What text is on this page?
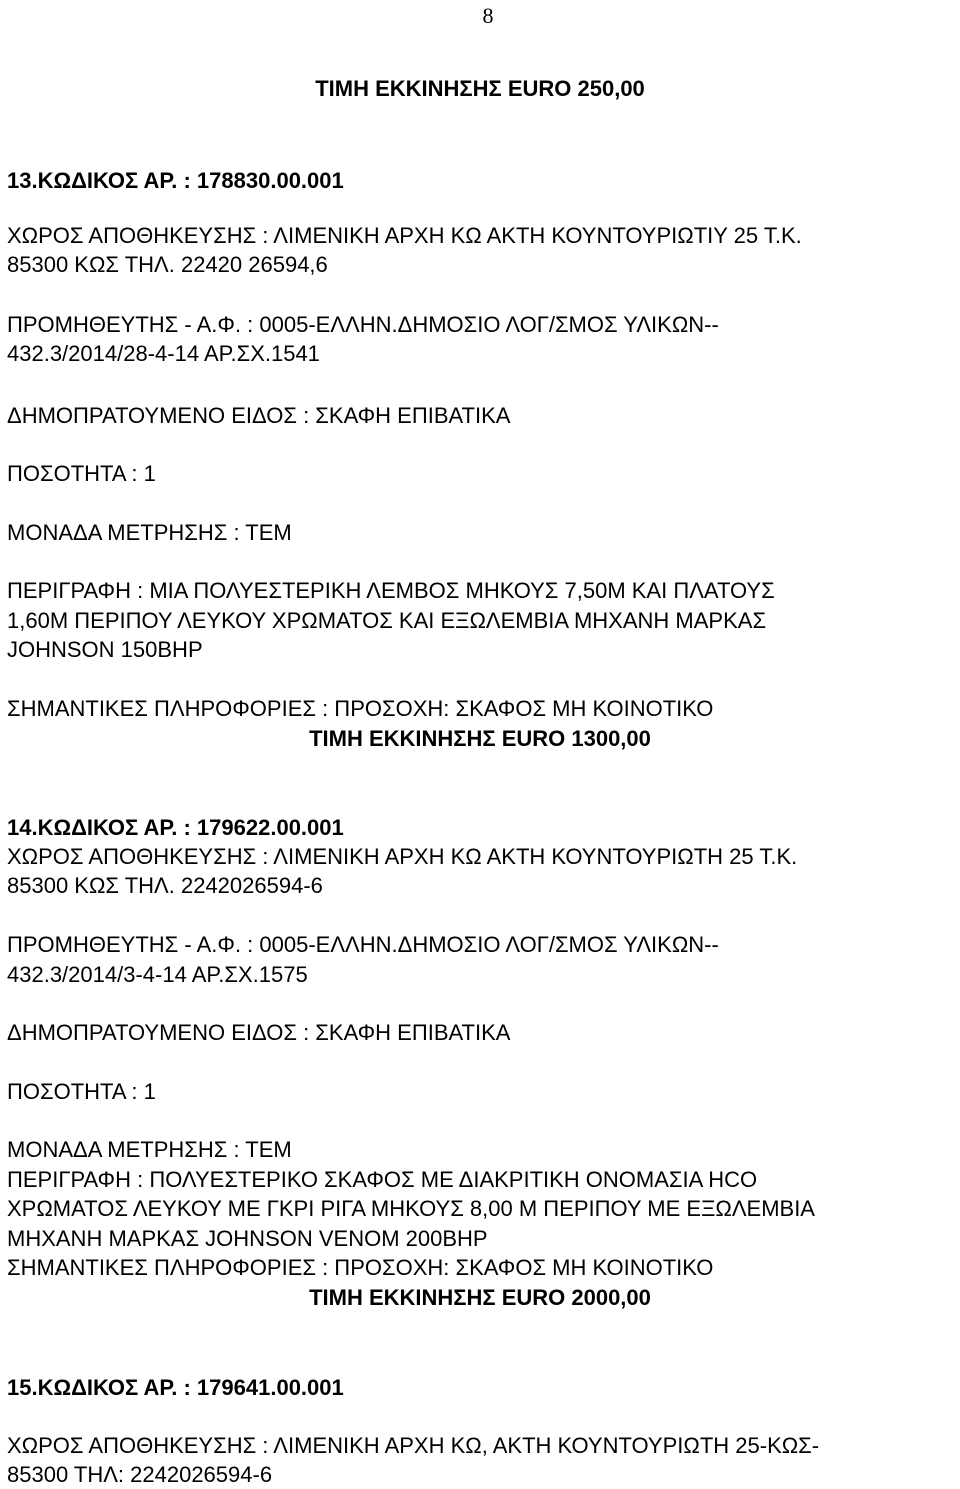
8
ΤΙΜΗ ΕΚΚΙΝΗΣΗΣ EURO 250,00
13.ΚΩΔΙΚΟΣ ΑΡ. : 178830.00.001
ΧΩΡΟΣ ΑΠΟΘΗΚΕΥΣΗΣ : ΛΙΜΕΝΙΚΗ ΑΡΧΗ ΚΩ ΑΚΤΗ ΚΟΥΝΤΟΥΡΙΩΤΙΥ 25 Τ.Κ.
85300 ΚΩΣ ΤΗΛ. 22420 26594,6
ΠΡΟΜΗΘΕΥΤΗΣ - Α.Φ. : 0005-ΕΛΛΗΝ.ΔΗΜΟΣΙΟ ΛΟΓ/ΣΜΟΣ ΥΛΙΚΩΝ--
432.3/2014/28-4-14 ΑΡ.ΣΧ.1541
ΔΗΜΟΠΡΑΤΟΥΜΕΝΟ ΕΙΔΟΣ : ΣΚΑΦΗ ΕΠΙΒΑΤΙΚΑ
ΠΟΣΟΤΗΤΑ : 1
ΜΟΝΑΔΑ ΜΕΤΡΗΣΗΣ : ΤΕΜ
ΠΕΡΙΓΡΑΦΗ : ΜΙΑ ΠΟΛΥΕΣΤΕΡΙΚΗ ΛΕΜΒΟΣ ΜΗΚΟΥΣ 7,50Μ ΚΑΙ ΠΛΑΤΟΥΣ
1,60Μ ΠΕΡΙΠΟΥ ΛΕΥΚΟΥ ΧΡΩΜΑΤΟΣ ΚΑΙ ΕΞΩΛΕΜΒΙΑ ΜΗΧΑΝΗ ΜΑΡΚΑΣ
JOHNSON 150BHP
ΣΗΜΑΝΤΙΚΕΣ ΠΛΗΡΟΦΟΡΙΕΣ : ΠΡΟΣΟΧΗ: ΣΚΑΦΟΣ ΜΗ ΚΟΙΝΟΤΙΚΟ
ΤΙΜΗ ΕΚΚΙΝΗΣΗΣ EURO 1300,00
14.ΚΩΔΙΚΟΣ ΑΡ. : 179622.00.001
ΧΩΡΟΣ ΑΠΟΘΗΚΕΥΣΗΣ : ΛΙΜΕΝΙΚΗ ΑΡΧΗ ΚΩ ΑΚΤΗ ΚΟΥΝΤΟΥΡΙΩΤΗ 25 Τ.Κ.
85300 ΚΩΣ ΤΗΛ. 2242026594-6
ΠΡΟΜΗΘΕΥΤΗΣ - Α.Φ. : 0005-ΕΛΛΗΝ.ΔΗΜΟΣΙΟ ΛΟΓ/ΣΜΟΣ ΥΛΙΚΩΝ--
432.3/2014/3-4-14 ΑΡ.ΣΧ.1575
ΔΗΜΟΠΡΑΤΟΥΜΕΝΟ ΕΙΔΟΣ : ΣΚΑΦΗ ΕΠΙΒΑΤΙΚΑ
ΠΟΣΟΤΗΤΑ : 1
ΜΟΝΑΔΑ ΜΕΤΡΗΣΗΣ : ΤΕΜ
ΠΕΡΙΓΡΑΦΗ : ΠΟΛΥΕΣΤΕΡΙΚΟ ΣΚΑΦΟΣ ΜΕ ΔΙΑΚΡΙΤΙΚΗ ΟΝΟΜΑΣΙΑ HCO
ΧΡΩΜΑΤΟΣ ΛΕΥΚΟΥ ΜΕ ΓΚΡΙ ΡΙΓΑ ΜΗΚΟΥΣ 8,00 Μ ΠΕΡΙΠΟΥ ΜΕ ΕΞΩΛΕΜΒΙΑ
ΜΗΧΑΝΗ ΜΑΡΚΑΣ JOHNSON VENOM 200BHP
ΣΗΜΑΝΤΙΚΕΣ ΠΛΗΡΟΦΟΡΙΕΣ : ΠΡΟΣΟΧΗ: ΣΚΑΦΟΣ ΜΗ ΚΟΙΝΟΤΙΚΟ
ΤΙΜΗ ΕΚΚΙΝΗΣΗΣ EURO 2000,00
15.ΚΩΔΙΚΟΣ ΑΡ. : 179641.00.001
ΧΩΡΟΣ ΑΠΟΘΗΚΕΥΣΗΣ : ΛΙΜΕΝΙΚΗ ΑΡΧΗ ΚΩ, ΑΚΤΗ ΚΟΥΝΤΟΥΡΙΩΤΗ 25-ΚΩΣ-
85300 ΤΗΛ: 2242026594-6
